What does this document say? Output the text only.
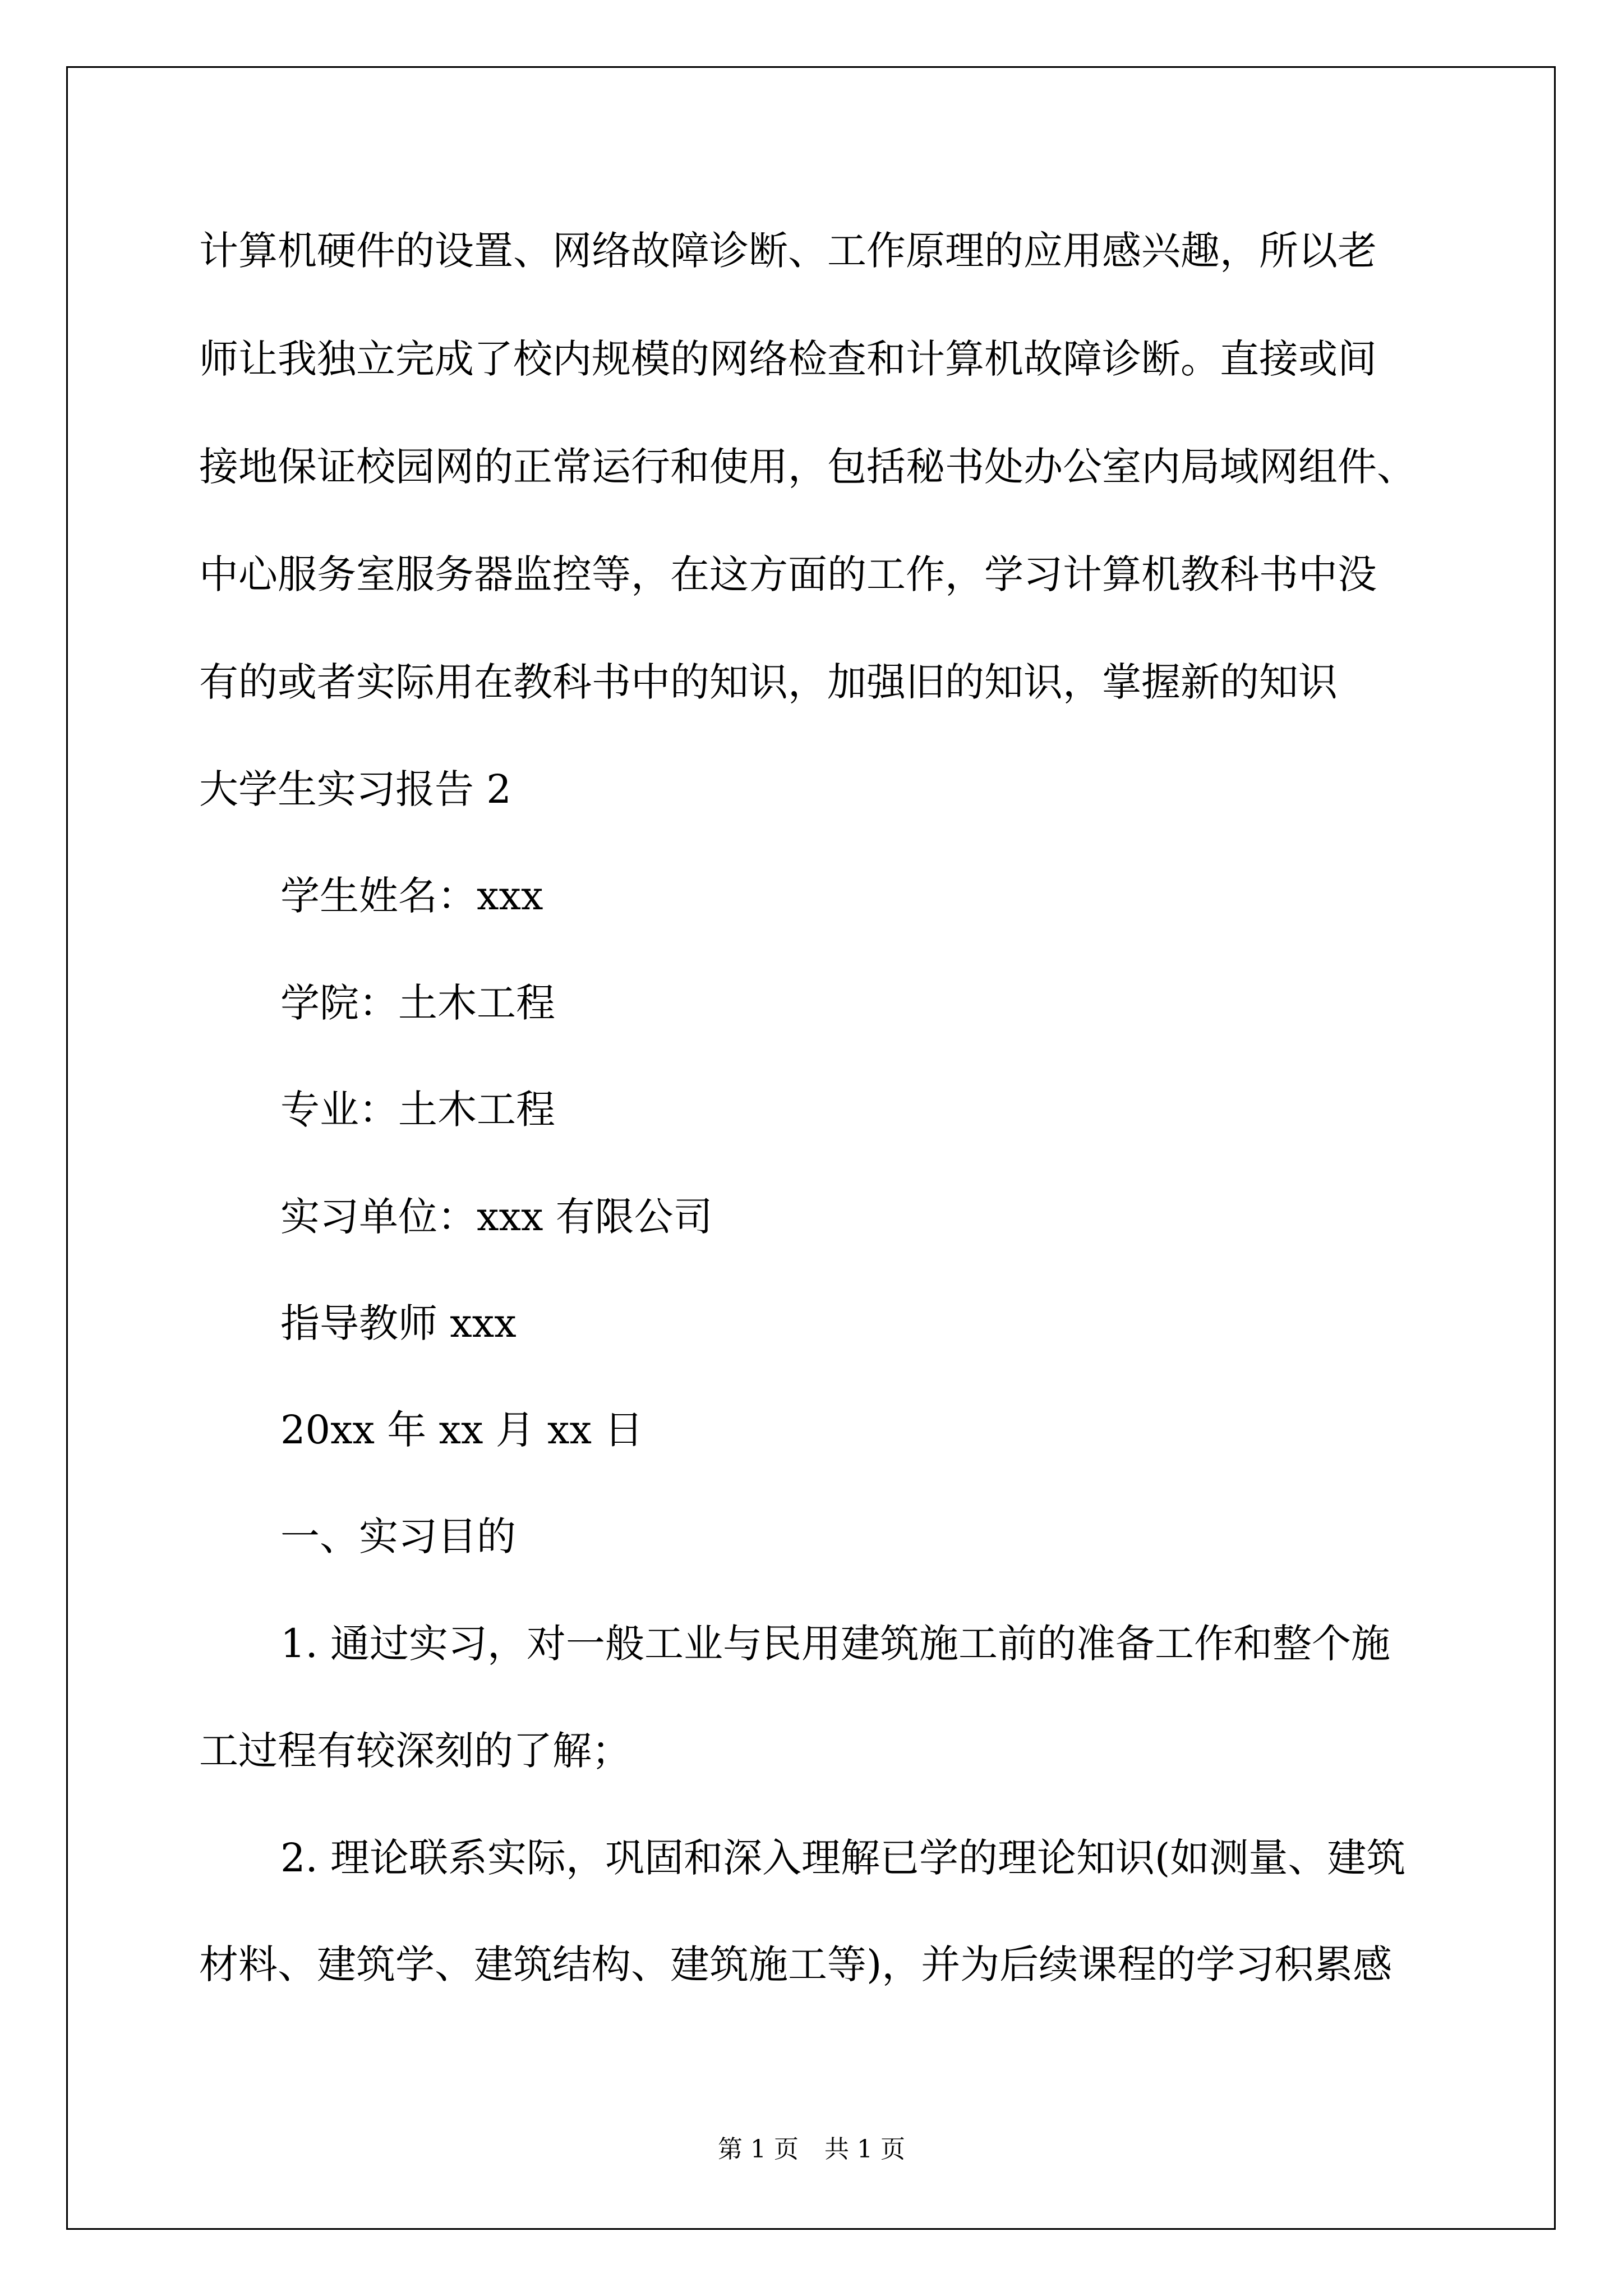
计算机硬件的设置、网络故障诊断、工作原理的应用感兴趣，所以老

师让我独立完成了校内规模的网络检查和计算机故障诊断。直接或间

接地保证校园网的正常运行和使用，包括秘书处办公室内局域网组件、

中心服务室服务器监控等，在这方面的工作，学习计算机教科书中没

有的或者实际用在教科书中的知识，加强旧的知识，掌握新的知识

大学生实习报告 2

学生姓名：xxx

学院：土木工程

专业：土木工程

实习单位：xxx 有限公司

指导教师 xxx

20xx 年 xx 月 xx 日

一、实习目的

1. 通过实习，对一般工业与民用建筑施工前的准备工作和整个施

工过程有较深刻的了解；

2. 理论联系实际，巩固和深入理解已学的理论知识(如测量、建筑

材料、建筑学、建筑结构、建筑施工等)，并为后续课程的学习积累感

第 1 页 共 1 页
